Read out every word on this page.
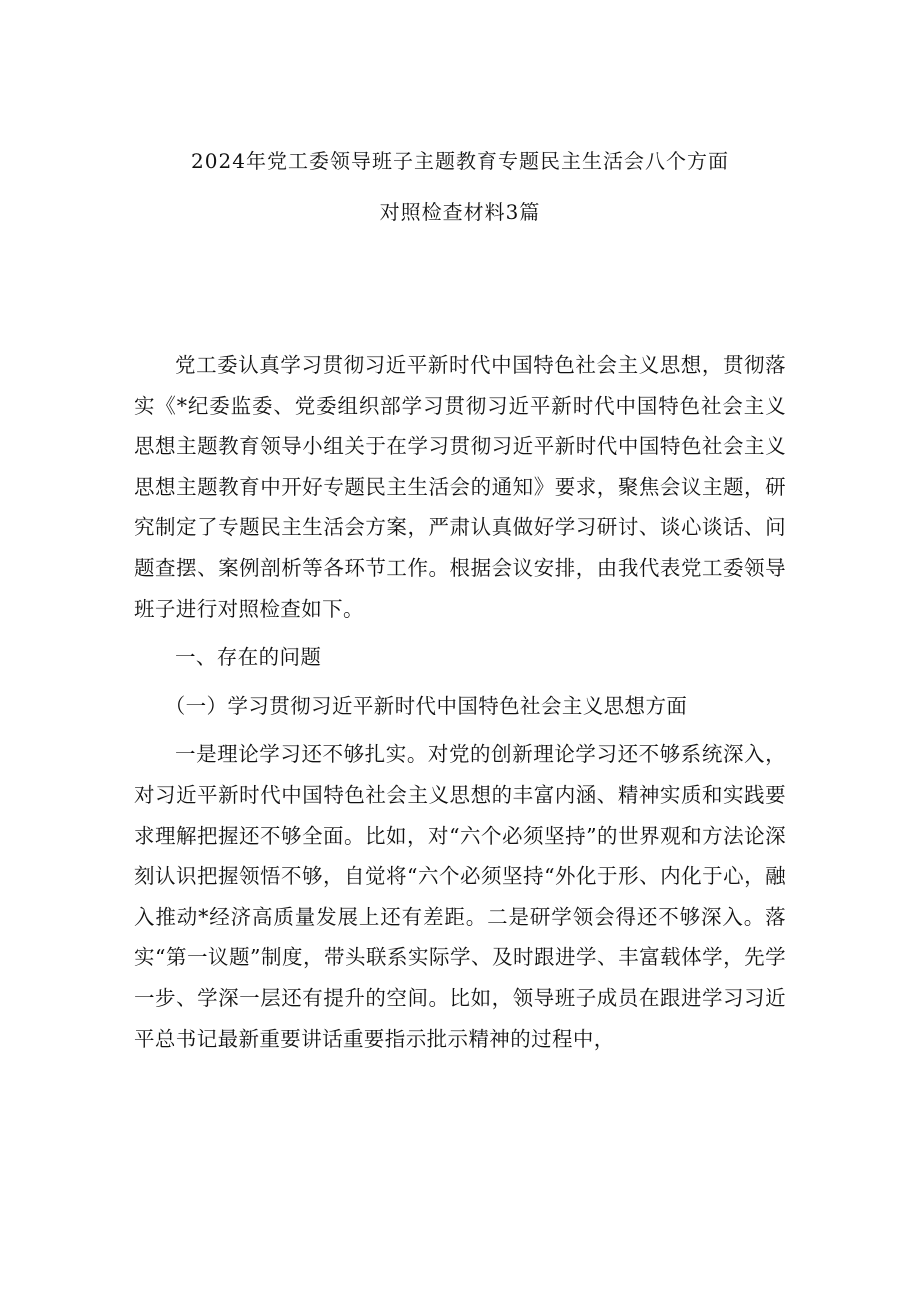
2024年党工委领导班子主题教育专题民主生活会八个方面
对照检查材料3篇

党工委认真学习贯彻习近平新时代中国特色社会主义思想，贯彻落实《*纪委监委、党委组织部学习贯彻习近平新时代中国特色社会主义思想主题教育领导小组关于在学习贯彻习近平新时代中国特色社会主义思想主题教育中开好专题民主生活会的通知》要求，聚焦会议主题，研究制定了专题民主生活会方案，严肃认真做好学习研讨、谈心谈话、问题查摆、案例剖析等各环节工作。根据会议安排，由我代表党工委领导班子进行对照检查如下。

一、存在的问题

（一）学习贯彻习近平新时代中国特色社会主义思想方面

一是理论学习还不够扎实。对党的创新理论学习还不够系统深入，对习近平新时代中国特色社会主义思想的丰富内涵、精神实质和实践要求理解把握还不够全面。比如，对“六个必须坚持”的世界观和方法论深刻认识把握领悟不够，自觉将“六个必须坚持“外化于形、内化于心，融入推动*经济高质量发展上还有差距。二是研学领会得还不够深入。落实“第一议题”制度，带头联系实际学、及时跟进学、丰富载体学，先学一步、学深一层还有提升的空间。比如，领导班子成员在跟进学习习近平总书记最新重要讲话重要指示批示精神的过程中，
